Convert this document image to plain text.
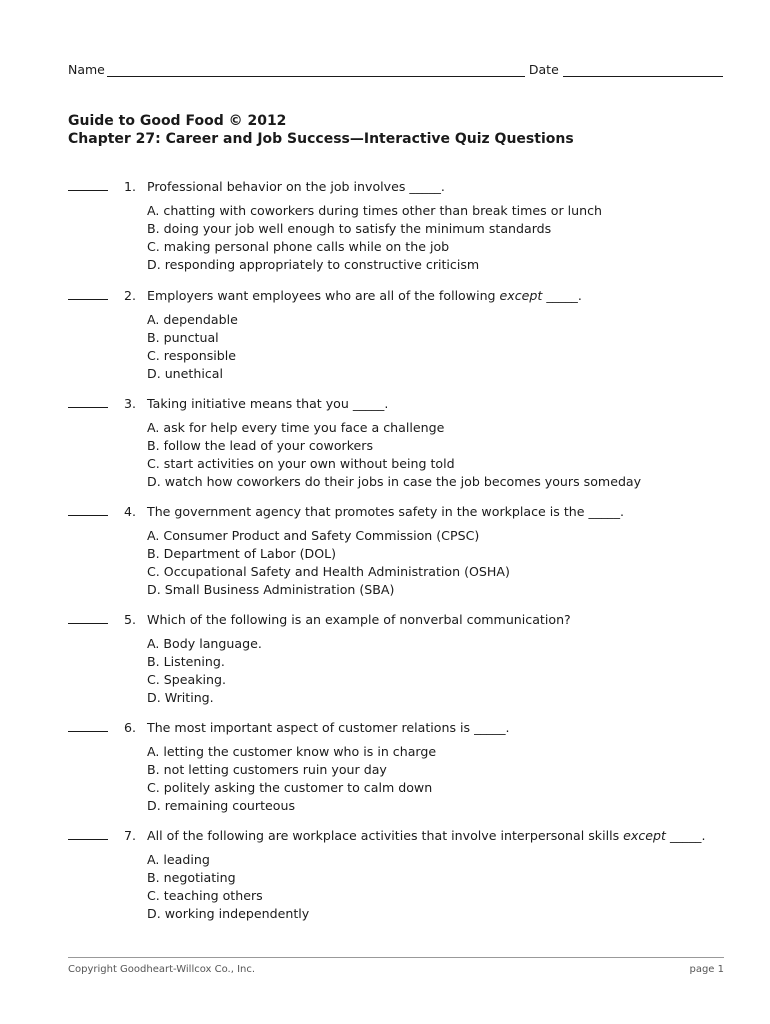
Name	Date
Guide to Good Food © 2012
Chapter 27: Career and Job Success—Interactive Quiz Questions
1. Professional behavior on the job involves _____.
A. chatting with coworkers during times other than break times or lunch
B. doing your job well enough to satisfy the minimum standards
C. making personal phone calls while on the job
D. responding appropriately to constructive criticism
2. Employers want employees who are all of the following except _____.
A. dependable
B. punctual
C. responsible
D. unethical
3. Taking initiative means that you _____.
A. ask for help every time you face a challenge
B. follow the lead of your coworkers
C. start activities on your own without being told
D. watch how coworkers do their jobs in case the job becomes yours someday
4. The government agency that promotes safety in the workplace is the _____.
A. Consumer Product and Safety Commission (CPSC)
B. Department of Labor (DOL)
C. Occupational Safety and Health Administration (OSHA)
D. Small Business Administration (SBA)
5. Which of the following is an example of nonverbal communication?
A. Body language.
B. Listening.
C. Speaking.
D. Writing.
6. The most important aspect of customer relations is _____.
A. letting the customer know who is in charge
B. not letting customers ruin your day
C. politely asking the customer to calm down
D. remaining courteous
7. All of the following are workplace activities that involve interpersonal skills except _____.
A. leading
B. negotiating
C. teaching others
D. working independently
Copyright Goodheart-Willcox Co., Inc.	page 1
